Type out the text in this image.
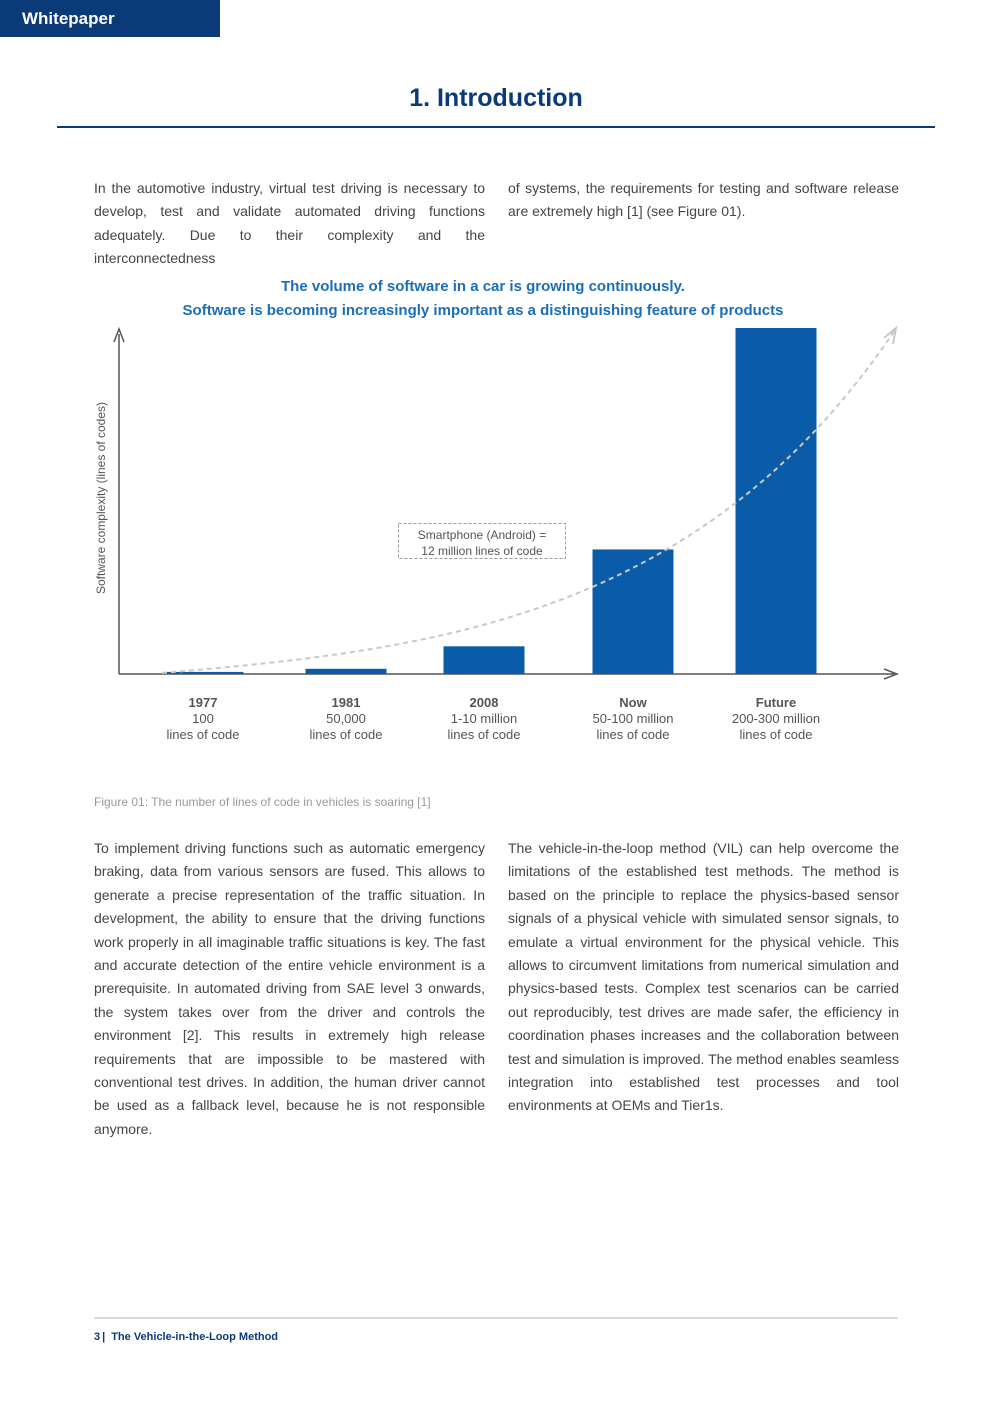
Whitepaper
1. Introduction

In the automotive industry, virtual test driving is necessary to develop, test and validate automated driving functions adequately. Due to their complexity and the interconnectedness

of systems, the requirements for testing and software release are extremely high [1] (see Figure 01).

The volume of software in a car is growing continuously.

Software is becoming increasingly important as a distinguishing feature of products

Software complexity (lines of codes)	Smartphone (Android) =
12 million lines of code
1977
100
lines of code
1981
50,000
lines of code
2008
1-10 million
lines of code
Now
50-100 million
lines of code
Future
200-300 million
lines of code

Figure 01: The number of lines of code in vehicles is soaring [1]

To implement driving functions such as automatic emergency braking, data from various sensors are fused. This allows to generate a precise representation of the traffic situation. In development, the ability to ensure that the driving functions work properly in all imaginable traffic situations is key. The fast and accurate detection of the entire vehicle environment is a prerequisite. In automated driving from SAE level 3 onwards, the system takes over from the driver and controls the environment [2]. This results in extremely high release requirements that are impossible to be mastered with conventional test drives. In addition, the human driver cannot be used as a fallback level, because he is not responsible anymore.

The vehicle-in-the-loop method (VIL) can help overcome the limitations of the established test methods. The method is based on the principle to replace the physics-based sensor signals of a physical vehicle with simulated sensor signals, to emulate a virtual environment for the physical vehicle. This allows to circumvent limitations from numerical simulation and physics-based tests. Complex test scenarios can be carried out reproducibly, test drives are made safer, the efficiency in coordination phases increases and the collaboration between test and simulation is improved. The method enables seamless integration into established test processes and tool environments at OEMs and Tier1s.

3 | The Vehicle-in-the-Loop Method
